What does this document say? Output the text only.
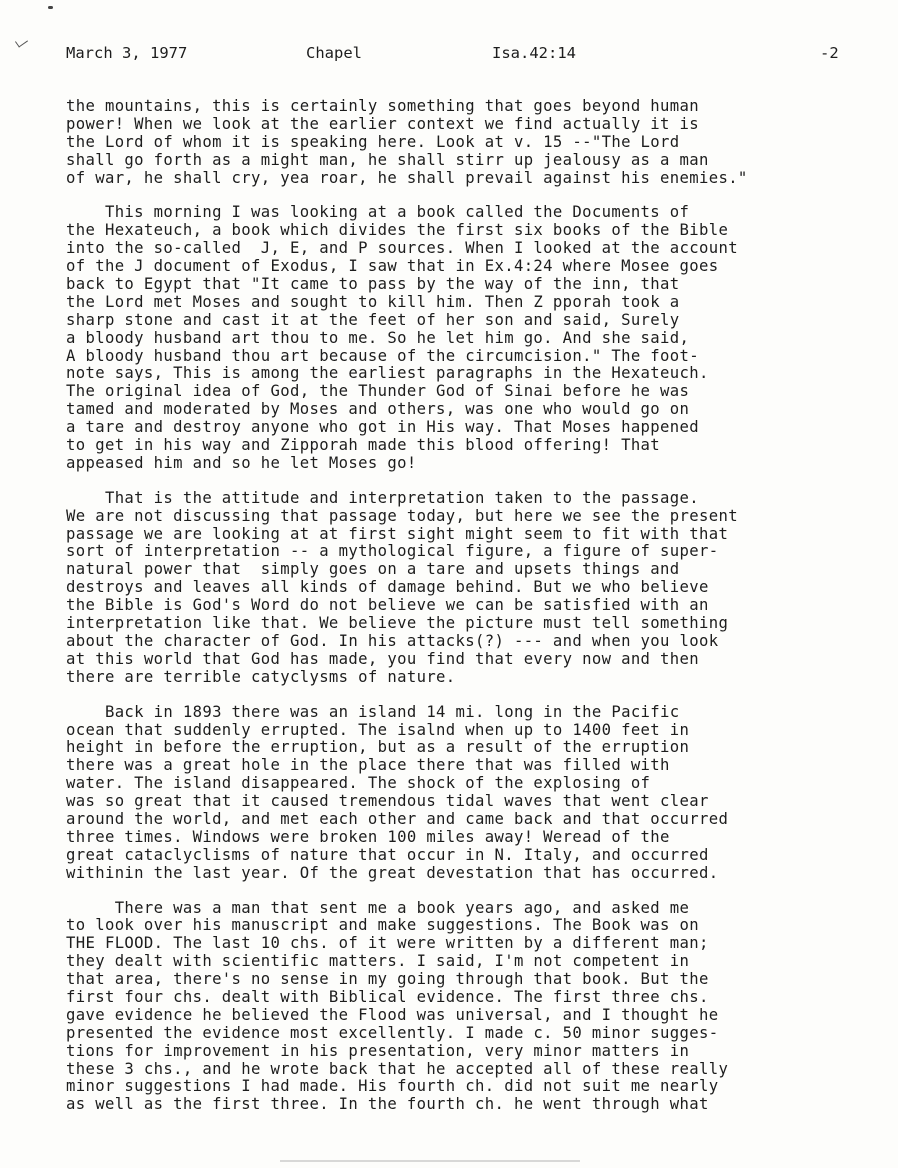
March 3, 1977	Chapel	Isa.42:14	-2
the mountains, this is certainly something that goes beyond human
power! When we look at the earlier context we find actually it is
the Lord of whom it is speaking here. Look at v. 15 --"The Lord
shall go forth as a might man, he shall stirr up jealousy as a man
of war, he shall cry, yea roar, he shall prevail against his enemies."
This morning I was looking at a book called the Documents of
the Hexateuch, a book which divides the first six books of the Bible
into the so-called  J, E, and P sources. When I looked at the account
of the J document of Exodus, I saw that in Ex.4:24 where Mosee goes
back to Egypt that "It came to pass by the way of the inn, that
the Lord met Moses and sought to kill him. Then Z pporah took a
sharp stone and cast it at the feet of her son and said, Surely
a bloody husband art thou to me. So he let him go. And she said,
A bloody husband thou art because of the circumcision." The foot-
note says, This is among the earliest paragraphs in the Hexateuch.
The original idea of God, the Thunder God of Sinai before he was
tamed and moderated by Moses and others, was one who would go on
a tare and destroy anyone who got in His way. That Moses happened
to get in his way and Zipporah made this blood offering! That
appeased him and so he let Moses go!
That is the attitude and interpretation taken to the passage.
We are not discussing that passage today, but here we see the present
passage we are looking at at first sight might seem to fit with that
sort of interpretation -- a mythological figure, a figure of super-
natural power that  simply goes on a tare and upsets things and
destroys and leaves all kinds of damage behind. But we who believe
the Bible is God's Word do not believe we can be satisfied with an
interpretation like that. We believe the picture must tell something
about the character of God. In his attacks(?) --- and when you look
at this world that God has made, you find that every now and then
there are terrible catyclysms of nature.
Back in 1893 there was an island 14 mi. long in the Pacific
ocean that suddenly errupted. The isalnd when up to 1400 feet in
height in before the erruption, but as a result of the erruption
there was a great hole in the place there that was filled with
water. The island disappeared. The shock of the explosing of
was so great that it caused tremendous tidal waves that went clear
around the world, and met each other and came back and that occurred
three times. Windows were broken 100 miles away! Weread of the
great cataclyclisms of nature that occur in N. Italy, and occurred
withinin the last year. Of the great devestation that has occurred.
There was a man that sent me a book years ago, and asked me
to look over his manuscript and make suggestions. The Book was on
THE FLOOD. The last 10 chs. of it were written by a different man;
they dealt with scientific matters. I said, I'm not competent in
that area, there's no sense in my going through that book. But the
first four chs. dealt with Biblical evidence. The first three chs.
gave evidence he believed the Flood was universal, and I thought he
presented the evidence most excellently. I made c. 50 minor sugges-
tions for improvement in his presentation, very minor matters in
these 3 chs., and he wrote back that he accepted all of these really
minor suggestions I had made. His fourth ch. did not suit me nearly
as well as the first three. In the fourth ch. he went through what
